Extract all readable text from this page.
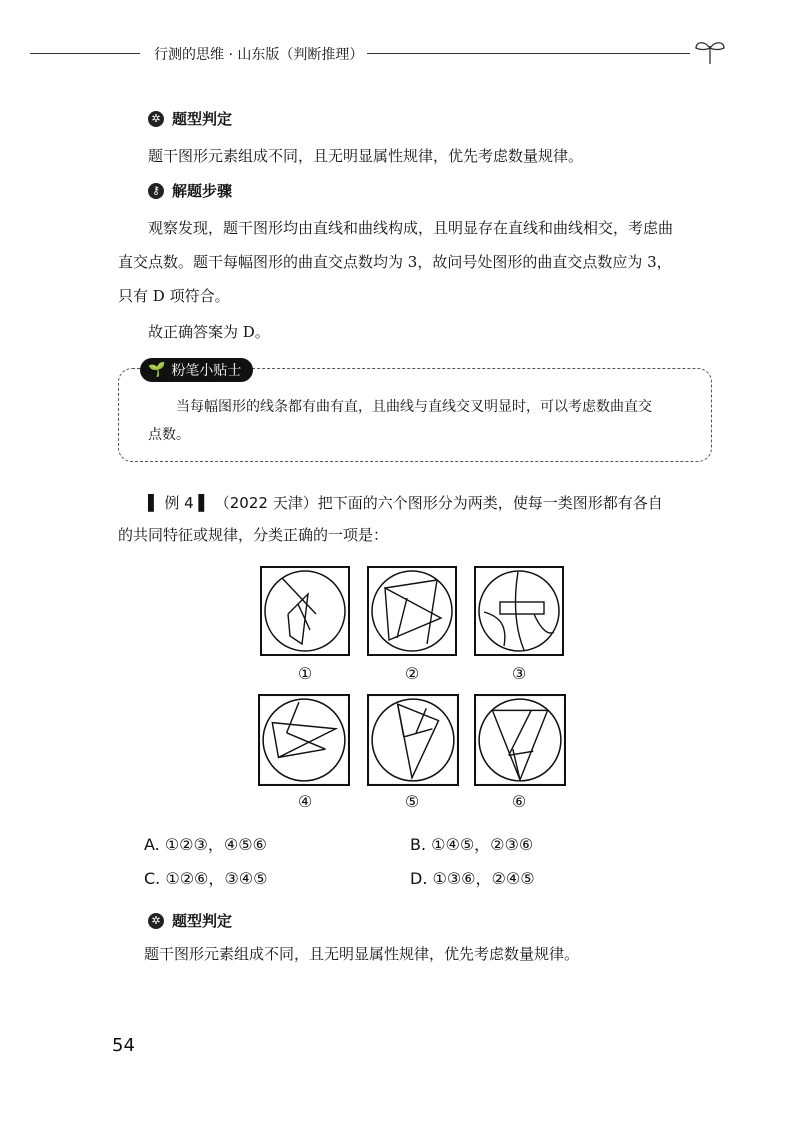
行测的思维 · 山东版（判断推理）
✲ 题型判定
题干图形元素组成不同，且无明显属性规律，优先考虑数量规律。
⚷ 解题步骤
观察发现，题干图形均由直线和曲线构成，且明显存在直线和曲线相交，考虑曲
直交点数。题干每幅图形的曲直交点数均为 3，故问号处图形的曲直交点数应为 3，
只有 D 项符合。
故正确答案为 D。
🌱 粉笔小贴士
当每幅图形的线条都有曲有直，且曲线与直线交叉明显时，可以考虑数曲直交
点数。
▌ 例 4 ▌ （2022 天津）把下面的六个图形分为两类，使每一类图形都有各自
的共同特征或规律，分类正确的一项是：
①	②	③
④	⑤	⑥
A. ①②③，④⑤⑥	B. ①④⑤，②③⑥
C. ①②⑥，③④⑤	D. ①③⑥，②④⑤
✲ 题型判定
题干图形元素组成不同，且无明显属性规律，优先考虑数量规律。
54
